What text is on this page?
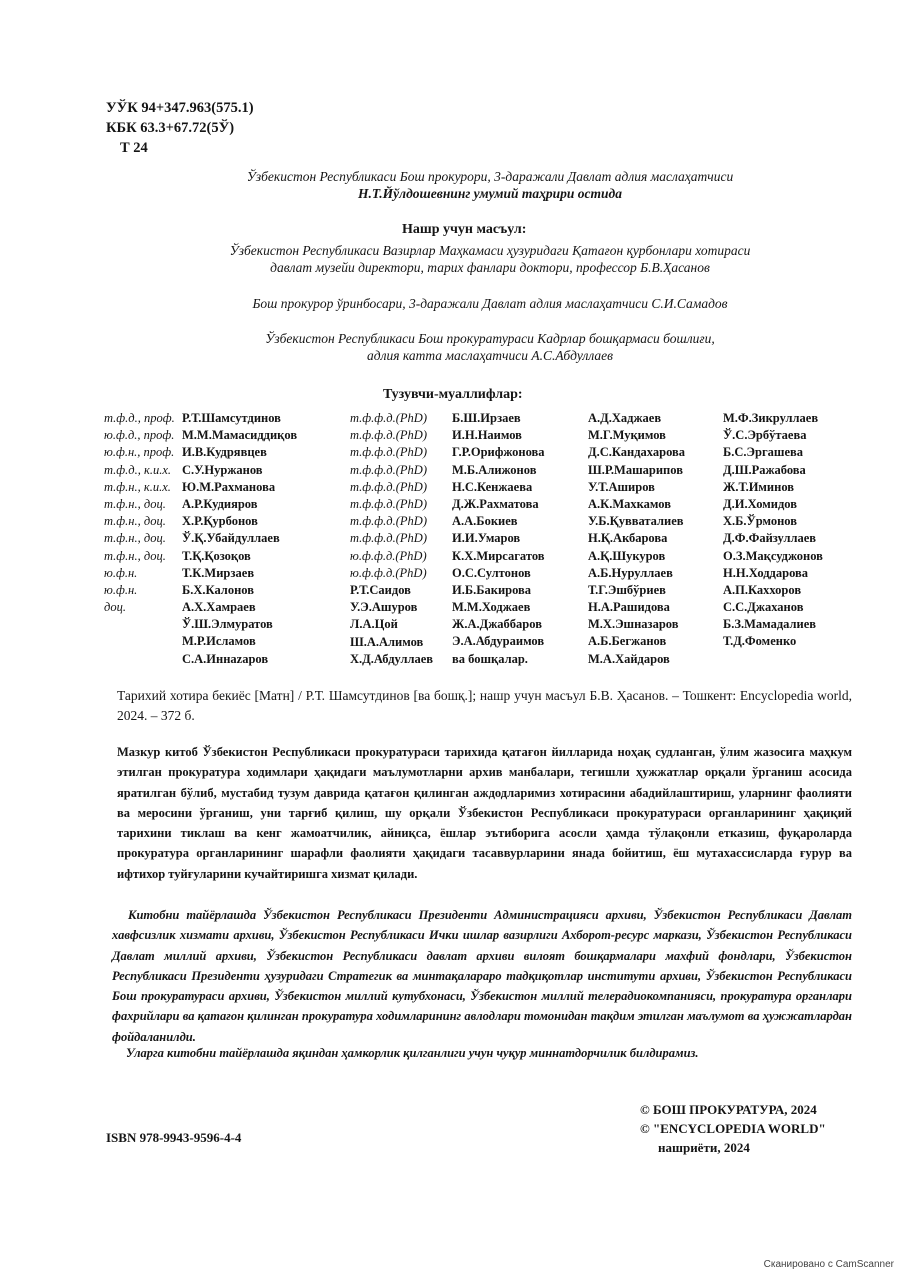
УЎК 94+347.963(575.1)
КБК 63.3+67.72(5Ў)
Т 24
Ўзбекистон Республикаси Бош прокурори, 3-даражали Давлат адлия маслаҳатчиси
Н.Т.Йўлдошевнинг умумий таҳрири остида
Нашр учун масъул:
Ўзбекистон Республикаси Вазирлар Маҳкамаси ҳузуридаги Қатағон қурбонлари хотираси
давлат музейи директори, тарих фанлари доктори, профессор Б.В.Ҳасанов
Бош прокурор ўринбосари, 3-даражали Давлат адлия маслаҳатчиси С.И.Самадов
Ўзбекистон Республикаси Бош прокуратураси Кадрлар бошқармаси бошлиғи,
адлия катта маслаҳатчиси А.С.Абдуллаев
Тузувчи-муаллифлар:
т.ф.д., проф.
ю.ф.д., проф.
ю.ф.н., проф.
т.ф.д., к.и.х.
т.ф.н., к.и.х.
т.ф.н., доц.
т.ф.н., доц.
т.ф.н., доц.
т.ф.н., доц.
ю.ф.н.
ю.ф.н.
доц.
Р.Т.Шамсутдинов
М.М.Мамасиддиқов
И.В.Кудрявцев
С.У.Нуржанов
Ю.М.Рахманова
А.Р.Кудияров
Х.Р.Қурбонов
Ў.Қ.Убайдуллаев
Т.Қ.Қозоқов
Т.К.Мирзаев
Б.Х.Калонов
А.Х.Хамраев
Ў.Ш.Элмуратов
М.Р.Исламов
С.А.Иннazаров
т.ф.ф.д.(PhD)
т.ф.ф.д.(PhD)
т.ф.ф.д.(PhD)
т.ф.ф.д.(PhD)
т.ф.ф.д.(PhD)
т.ф.ф.д.(PhD)
т.ф.ф.д.(PhD)
т.ф.ф.д.(PhD)
ю.ф.ф.д.(PhD)
ю.ф.ф.д.(PhD)
Р.Т.Саидов
У.Э.Ашуров
Л.А.Цой
Ш.А.Алимов
Х.Д.Абдуллаев
Б.Ш.Ирзаев
И.Н.Наимов
Г.Р.Орифжонова
М.Б.Алижонов
Н.С.Кенжаева
Д.Ж.Рахматова
А.А.Бокиев
И.И.Умаров
К.Х.Мирсагатов
О.С.Султонов
И.Б.Бакирова
М.М.Ходжаев
Ж.А.Джаббаров
Э.А.Абдураимов
ва бошқалар.
А.Д.Хаджаев
М.Г.Муқимов
Д.С.Кандахарова
Ш.Р.Машарипов
У.Т.Аширов
А.К.Махкамов
У.Б.Қувваталиев
Н.Қ.Акбарова
А.Қ.Шукуров
А.Б.Нуруллаев
Т.Г.Эшбўриев
Н.А.Рашидова
М.Х.Эшназаров
А.Б.Бегжанов
М.А.Хайдаров
М.Ф.Зикруллаев
Ў.С.Эрбўтаева
Б.С.Эргашева
Д.Ш.Ражабова
Ж.Т.Иминов
Д.И.Хомидов
Х.Б.Ўрмонов
Д.Ф.Файзуллаев
О.З.Мақсуджонов
Н.Н.Ходдарова
А.П.Каххоров
С.С.Джаханов
Б.З.Мамадалиев
Т.Д.Фоменко
Тарихий хотира бекиёс [Матн] / Р.Т. Шамсутдинов [ва бошқ.]; нашр учун масъул Б.В. Ҳасанов. – Тошкент: Encyclopedia world, 2024. – 372 б.
Мазкур китоб Ўзбекистон Республикаси прокуратураси тарихида қатағон йилларида ноҳақ судланган, ўлим жазосига маҳкум этилган прокуратура ходимлари ҳақидаги маълумотларни архив манбалари, тегишли ҳужжатлар орқали ўрганиш асосида яратилган бўлиб, мустабид тузум даврида қатағон қилинган аждодларимиз хотирасини абадийлаштириш, уларнинг фаолияти ва меросини ўрганиш, уни тарғиб қилиш, шу орқали Ўзбекистон Республикаси прокуратураси органларининг ҳақиқий тарихини тиклаш ва кенг жамоатчилик, айниқса, ёшлар эътиборига асосли ҳамда тўлақонли етказиш, фуқароларда прокуратура органларининг шарафли фаолияти ҳақидаги тасаввурларини янада бойитиш, ёш мутахассисларда ғурур ва ифтихор туйғуларини кучайтиришга хизмат қилади.
Китобни тайёрлашда Ўзбекистон Республикаси Президенти Администрацияси архиви, Ўзбекистон Республикаси Давлат хавфсизлик хизмати архиви, Ўзбекистон Республикаси Ички ишлар вазирлиги Ахборот-ресурс маркази, Ўзбекистон Республикаси Давлат миллий архиви, Ўзбекистон Республикаси давлат архиви вилоят бошқармалари махфий фондлари, Ўзбекистон Республикаси Президенти ҳузуридаги Стратегик ва минтақалараро тадқиқотлар институти архиви, Ўзбекистон Республикаси Бош прокуратураси архиви, Ўзбекистон миллий кутубхонаси, Ўзбекистон миллий телерадиокомпанияси, прокуратура органлари фахрийлари ва қатағон қилинган прокуратура ходимларининг авлодлари томонидан тақдим этилган маълумот ва ҳужжатлардан фойдаланилди.
Уларга китобни тайёрлашда яқиндан ҳамкорлик қилганлиги учун чуқур миннатдорчилик билдирамиз.
ISBN 978-9943-9596-4-4
© БОШ ПРОКУРАТУРА, 2024
© "ENCYCLOPEDIA WORLD"
нашриёти, 2024
Сканировано с CamScanner
